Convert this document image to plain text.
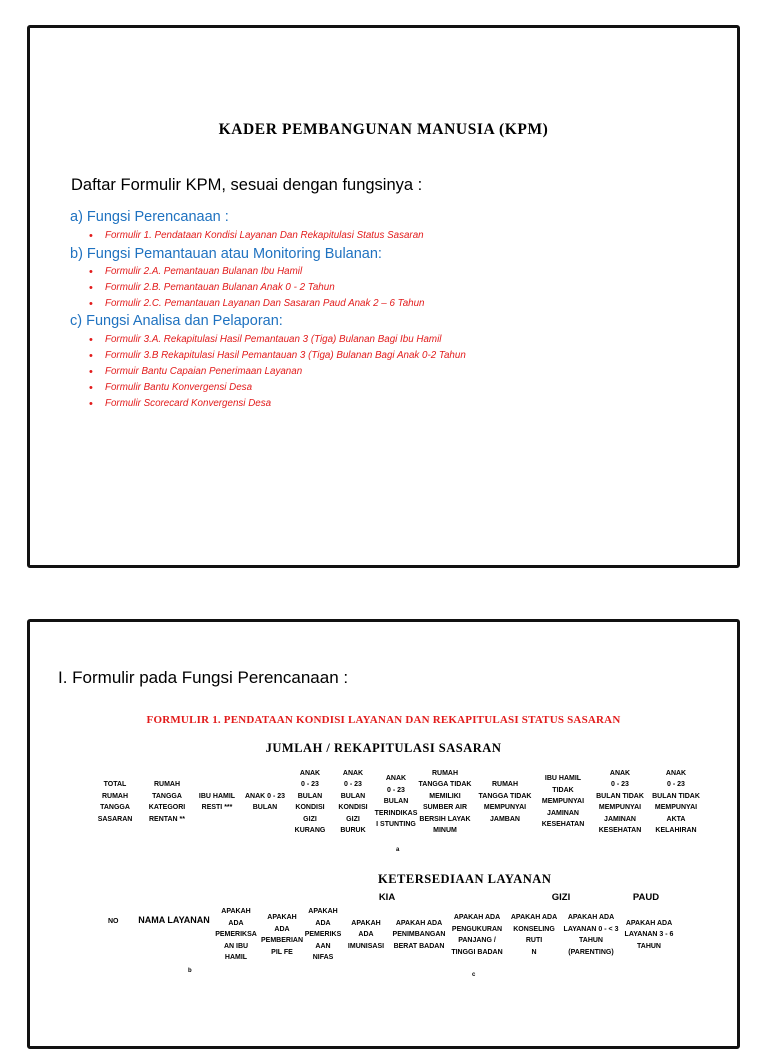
KADER PEMBANGUNAN MANUSIA (KPM)
Daftar Formulir KPM, sesuai dengan fungsinya :
a) Fungsi Perencanaan :
• Formulir 1. Pendataan Kondisi Layanan Dan Rekapitulasi Status Sasaran
b) Fungsi Pemantauan atau Monitoring Bulanan:
• Formulir 2.A. Pemantauan Bulanan Ibu Hamil
• Formulir 2.B. Pemantauan Bulanan Anak 0 - 2 Tahun
• Formulir 2.C. Pemantauan Layanan Dan Sasaran Paud Anak 2 – 6 Tahun
c) Fungsi Analisa dan Pelaporan:
• Formulir 3.A. Rekapitulasi Hasil Pemantauan 3 (Tiga) Bulanan Bagi Ibu Hamil
• Formulir 3.B Rekapitulasi Hasil Pemantauan 3 (Tiga) Bulanan Bagi Anak 0-2 Tahun
• Formuir Bantu Capaian Penerimaan Layanan
• Formulir Bantu Konvergensi Desa
• Formulir Scorecard Konvergensi Desa
I. Formulir pada Fungsi Perencanaan :
FORMULIR 1. PENDATAAN KONDISI LAYANAN DAN REKAPITULASI STATUS SASARAN
JUMLAH / REKAPITULASI SASARAN
TOTAL
RUMAH
TANGGA
SASARAN
RUMAH
TANGGA
KATEGORI
RENTAN **
IBU HAMIL
RESTI ***
ANAK 0 - 23
BULAN
ANAK
0 - 23
BULAN
KONDISI
GIZI
KURANG
ANAK
0 - 23
BULAN
KONDISI
GIZI
BURUK
ANAK
0 - 23
BULAN
TERINDIKAS
I STUNTING
RUMAH
TANGGA TIDAK
MEMILIKI
SUMBER AIR
BERSIH LAYAK
MINUM
RUMAH
TANGGA TIDAK
MEMPUNYAI
JAMBAN
IBU HAMIL
TIDAK
MEMPUNYAI
JAMINAN
KESEHATAN
ANAK
0 - 23
BULAN TIDAK
MEMPUNYAI
JAMINAN
KESEHATAN
ANAK
0 - 23
BULAN TIDAK
MEMPUNYAI
AKTA
KELAHIRAN
a
KETERSEDIAAN LAYANAN
KIA	GIZI	PAUD
NO NAMA LAYANAN
APAKAH
ADA
PEMERIKSA
AN IBU
HAMIL
APAKAH
ADA
PEMBERIAN
PIL FE
APAKAH
ADA
PEMERIKS
AAN
NIFAS
APAKAH
ADA
IMUNISASI
APAKAH ADA
PENIMBANGAN
BERAT BADAN
APAKAH ADA
PENGUKURAN
PANJANG /
TINGGI BADAN
APAKAH ADA
KONSELING
RUTI
N
APAKAH ADA
LAYANAN 0 - < 3
TAHUN
(PARENTING)
APAKAH ADA
LAYANAN 3 - 6
TAHUN
b
c
